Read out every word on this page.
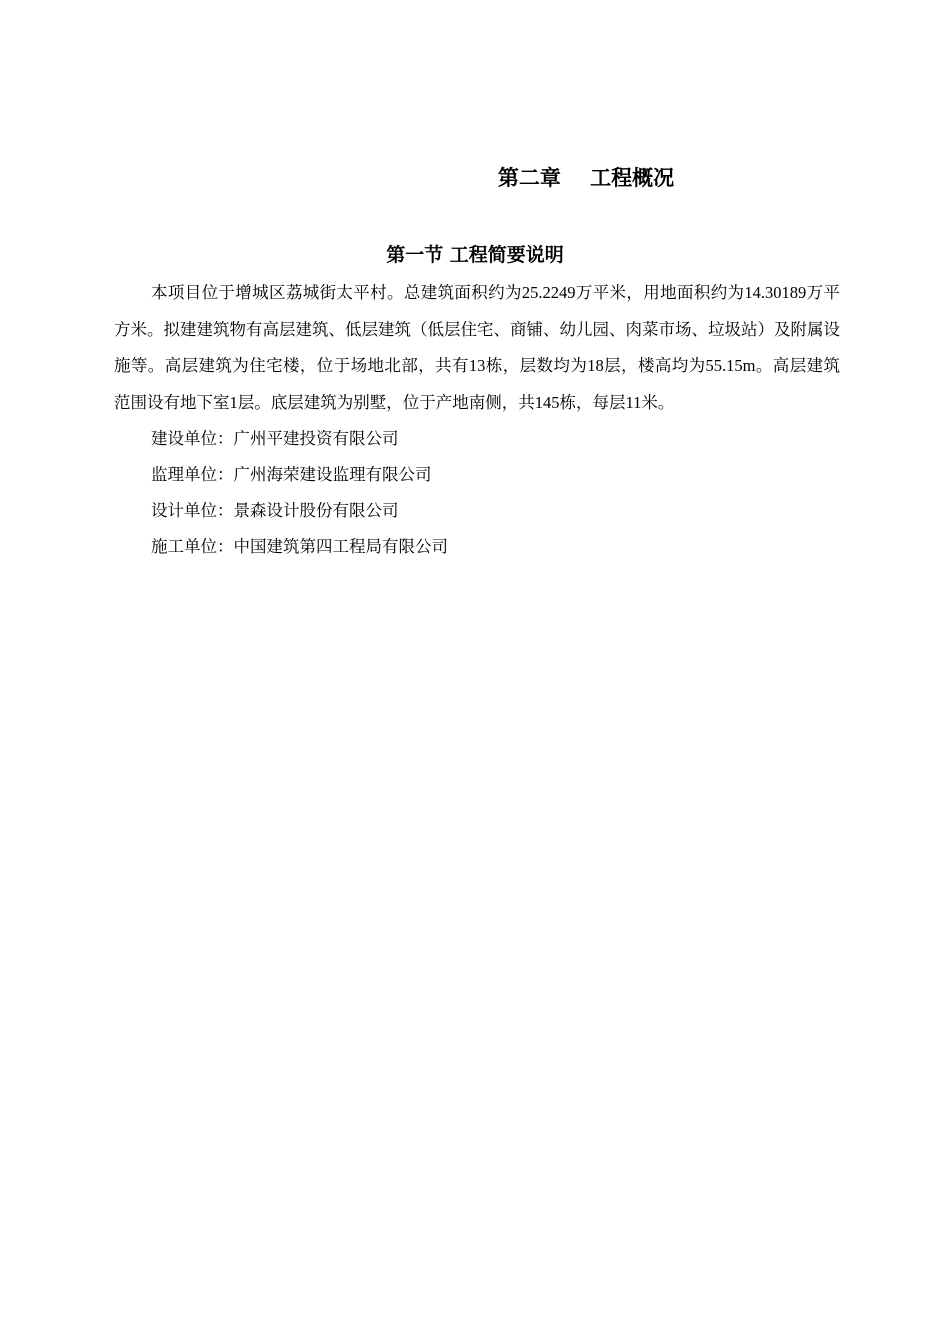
第二章    工程概况
第一节 工程简要说明

本项目位于增城区荔城街太平村。总建筑面积约为25.2249万平米，用地面积约为14.30189万平方米。拟建建筑物有高层建筑、低层建筑（低层住宅、商铺、幼儿园、肉菜市场、垃圾站）及附属设施等。高层建筑为住宅楼，位于场地北部，共有13栋，层数均为18层，楼高均为55.15m。高层建筑范围设有地下室1层。底层建筑为别墅，位于产地南侧，共145栋，每层11米。

建设单位：广州平建投资有限公司

监理单位：广州海荣建设监理有限公司

设计单位：景森设计股份有限公司

施工单位：中国建筑第四工程局有限公司
